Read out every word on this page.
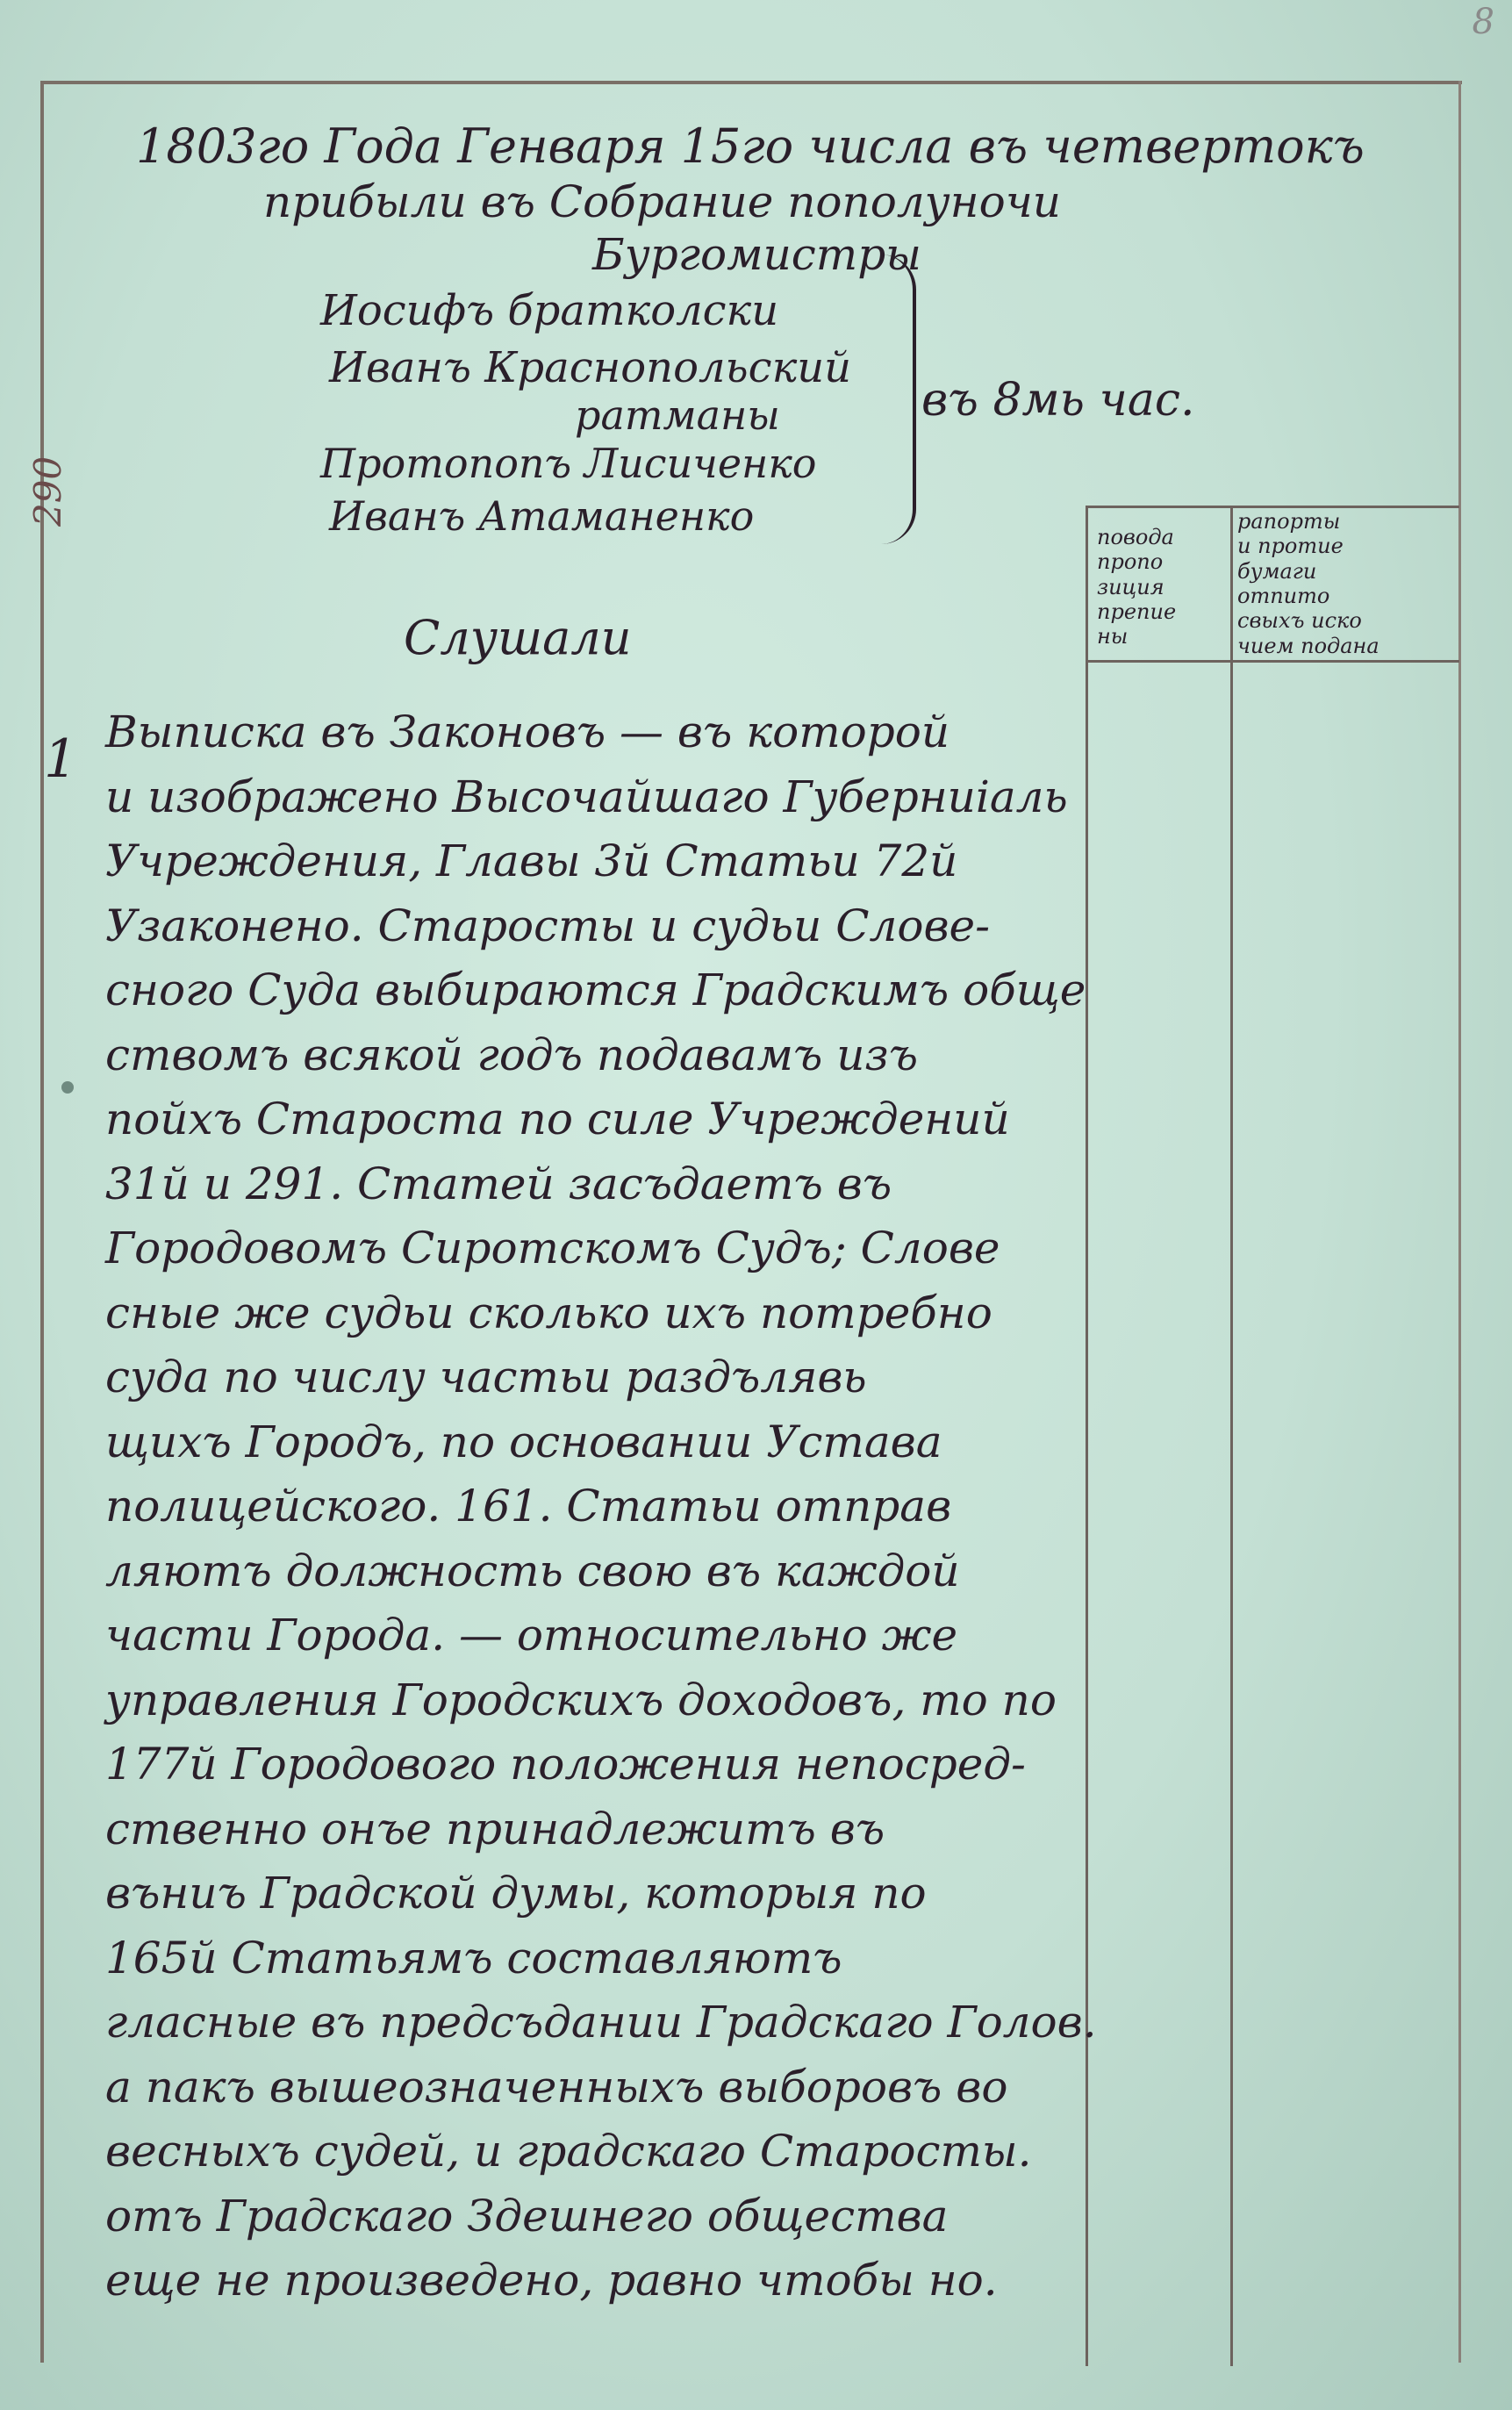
8
290
1803го Года Генваря 15го числа въ четвертокъ
прибыли въ Собрание пополуночи
Бургомистры
Иосифъ братколски
Иванъ Краснопольский
ратманы
Протопопъ Лисиченко
Иванъ Атаманенко
въ 8мь час.
повода
пропо
зиция
препие
ны
рапорты
и протие
бумаги
отпито
свыхъ иско
чием подана
Слушали
1 Выписка въ Законовъ — въ которой
и изображено Высочайшаго Губерниiаль
Учреждения, Главы 3й Статьи 72й
Узаконено. Старосты и судьи Слове-
сного Суда выбираются Градскимъ обще
ствомъ всякой годъ подавамъ изъ
пойхъ Староста по силе Учреждений
31й и 291. Статей засъдаетъ въ
Городовомъ Сиротскомъ Судъ; Слове
сные же судьи сколько ихъ потребно
суда по числу частьи раздълявь
щихъ Городъ, по основании Устава
полицейского. 161. Статьи отправ
ляютъ должность свою въ каждой
части Города. — относительно же
управления Городскихъ доходовъ, то по
177й Городового положения непосред-
ственно онъе принадлежитъ въ
въниъ Градской думы, которыя по
165й Статьямъ составляютъ
гласные въ предсъдании Градскаго Голов.
а пакъ вышеозначенныхъ выборовъ во
весныхъ судей, и градскаго Старосты.
отъ Градскаго Здешнего общества
еще не произведено, равно чтобы но.
